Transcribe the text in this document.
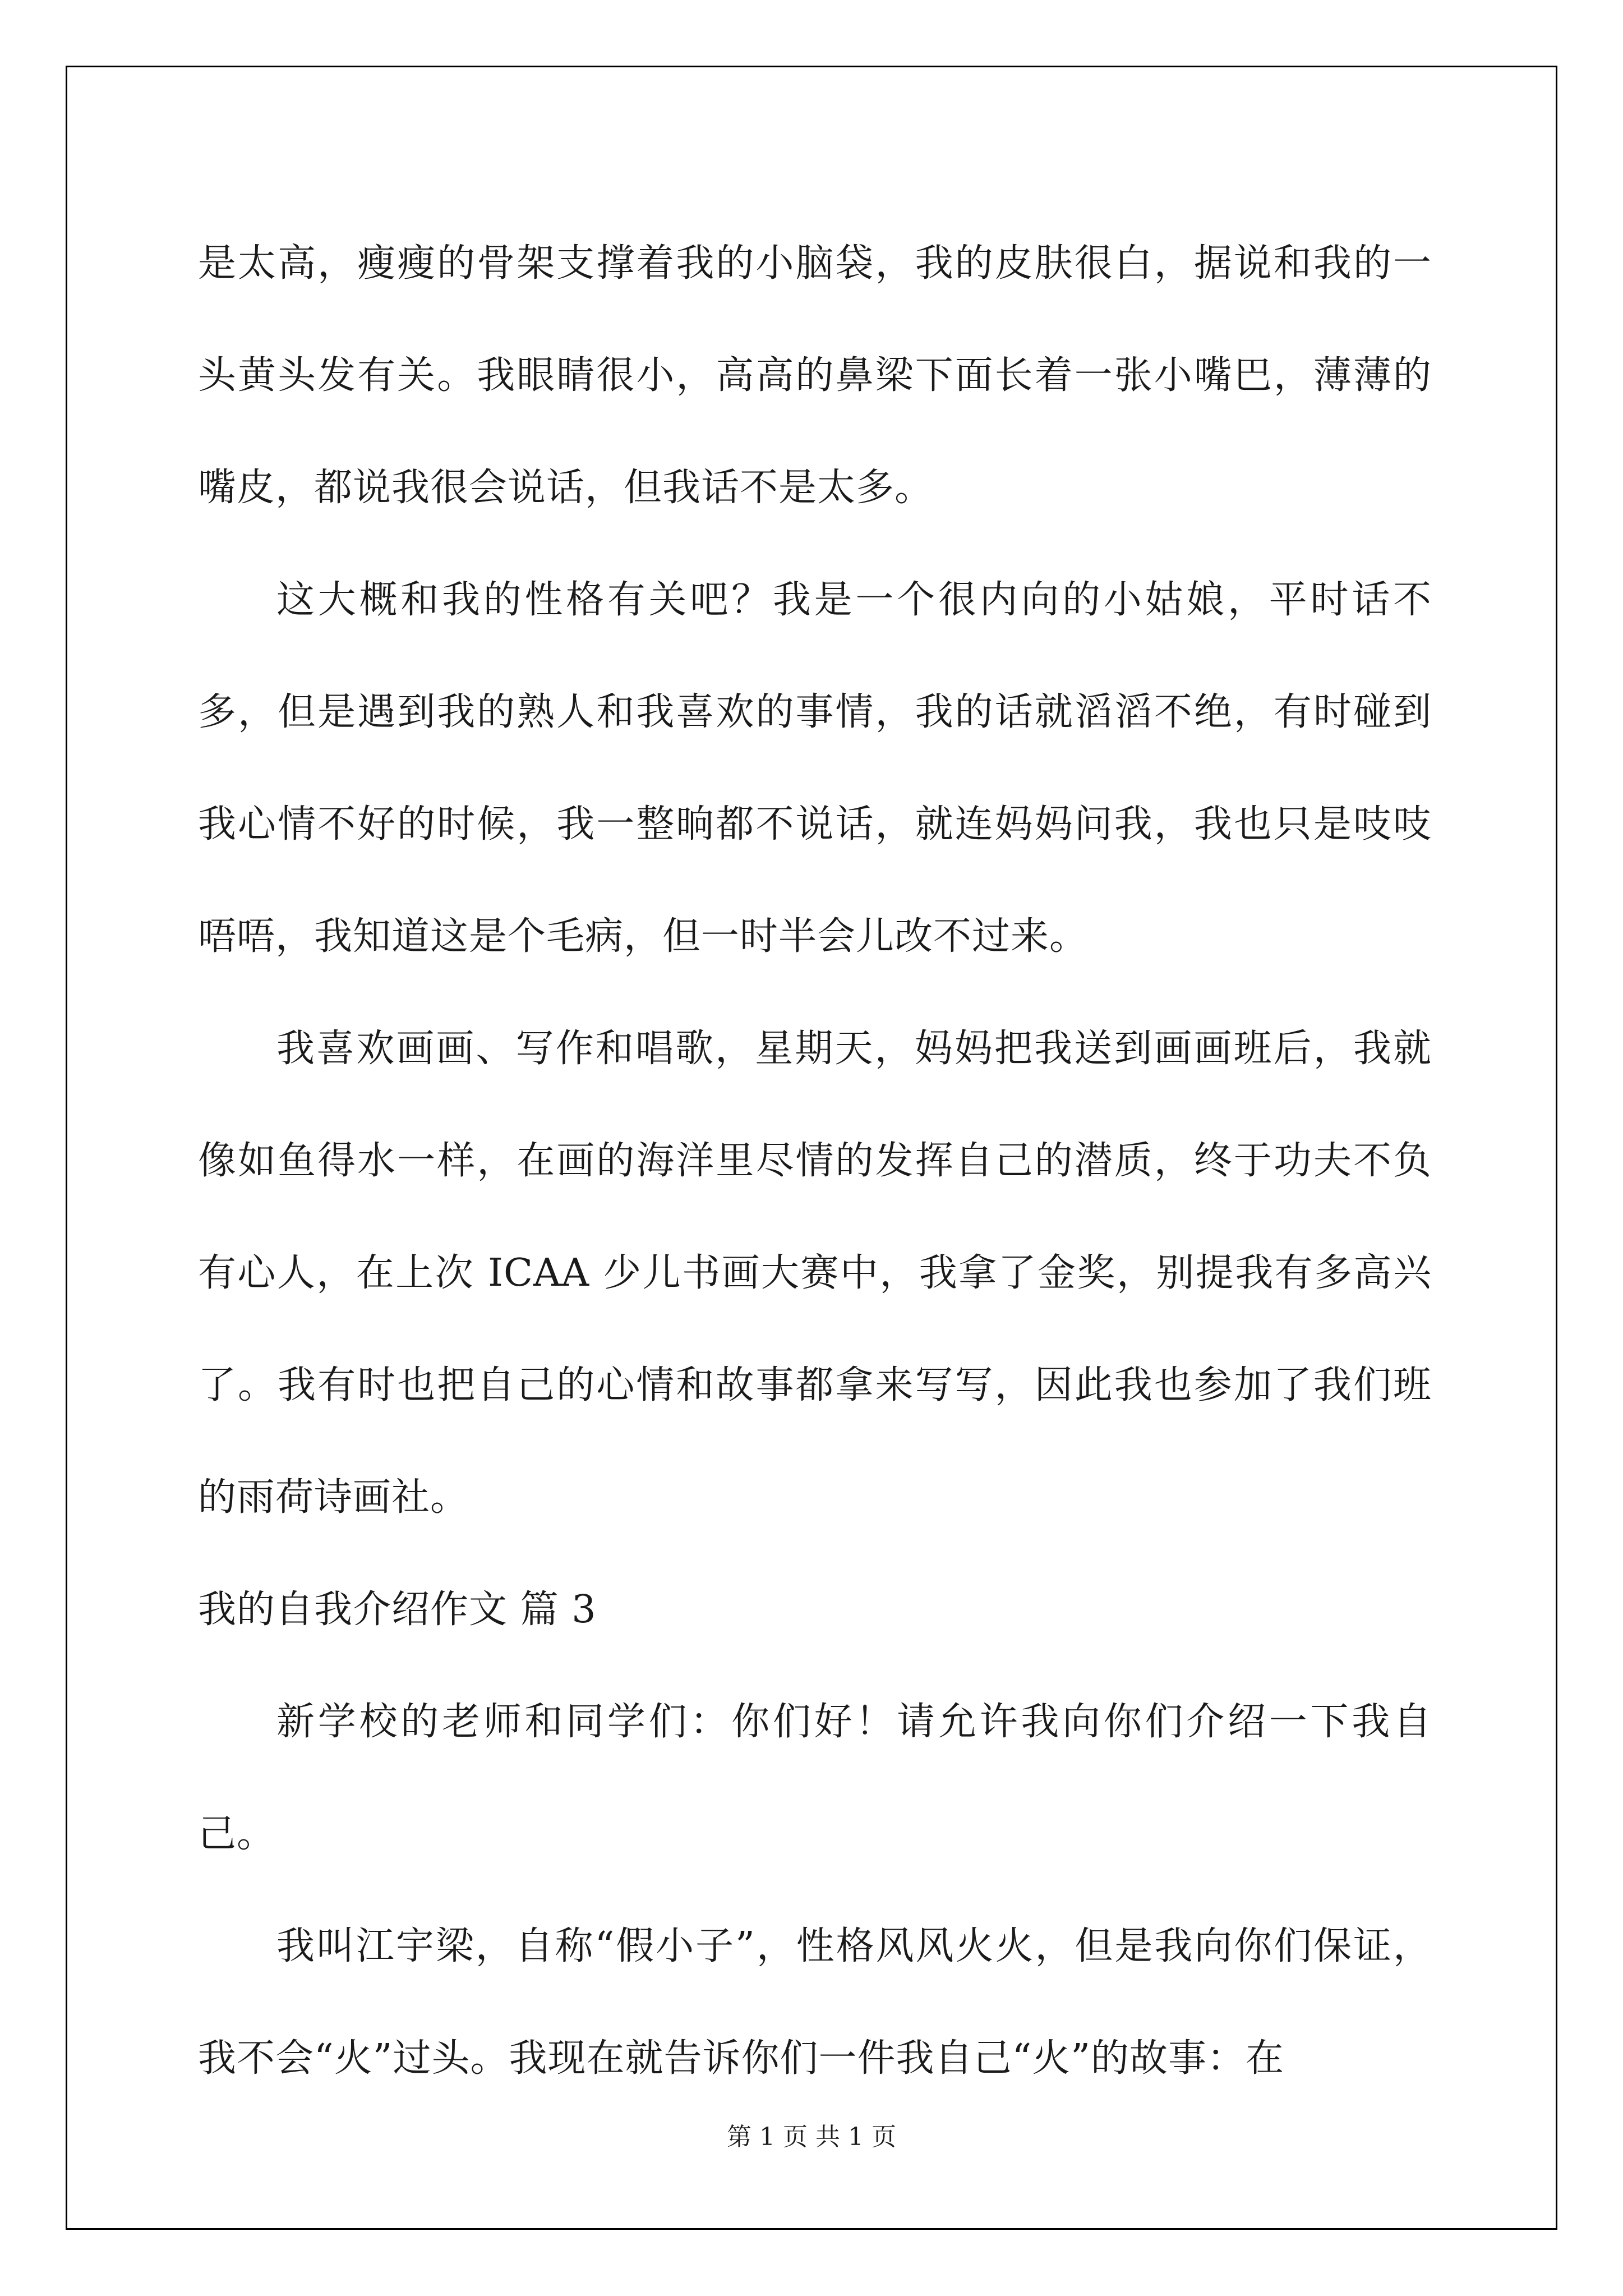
是太高，瘦瘦的骨架支撑着我的小脑袋，我的皮肤很白，据说和我的一头黄头发有关。我眼睛很小，高高的鼻梁下面长着一张小嘴巴，薄薄的嘴皮，都说我很会说话，但我话不是太多。

这大概和我的性格有关吧？我是一个很内向的小姑娘，平时话不多，但是遇到我的熟人和我喜欢的事情，我的话就滔滔不绝，有时碰到我心情不好的时候，我一整晌都不说话，就连妈妈问我，我也只是吱吱唔唔，我知道这是个毛病，但一时半会儿改不过来。

我喜欢画画、写作和唱歌，星期天，妈妈把我送到画画班后，我就像如鱼得水一样，在画的海洋里尽情的发挥自己的潜质，终于功夫不负有心人，在上次 ICAA 少儿书画大赛中，我拿了金奖，别提我有多高兴了。我有时也把自己的心情和故事都拿来写写，因此我也参加了我们班的雨荷诗画社。

我的自我介绍作文 篇 3

新学校的老师和同学们：你们好！请允许我向你们介绍一下我自己。

我叫江宇梁，自称“假小子”，性格风风火火，但是我向你们保证，我不会“火”过头。我现在就告诉你们一件我自己“火”的故事：在

第 1 页 共 1 页
